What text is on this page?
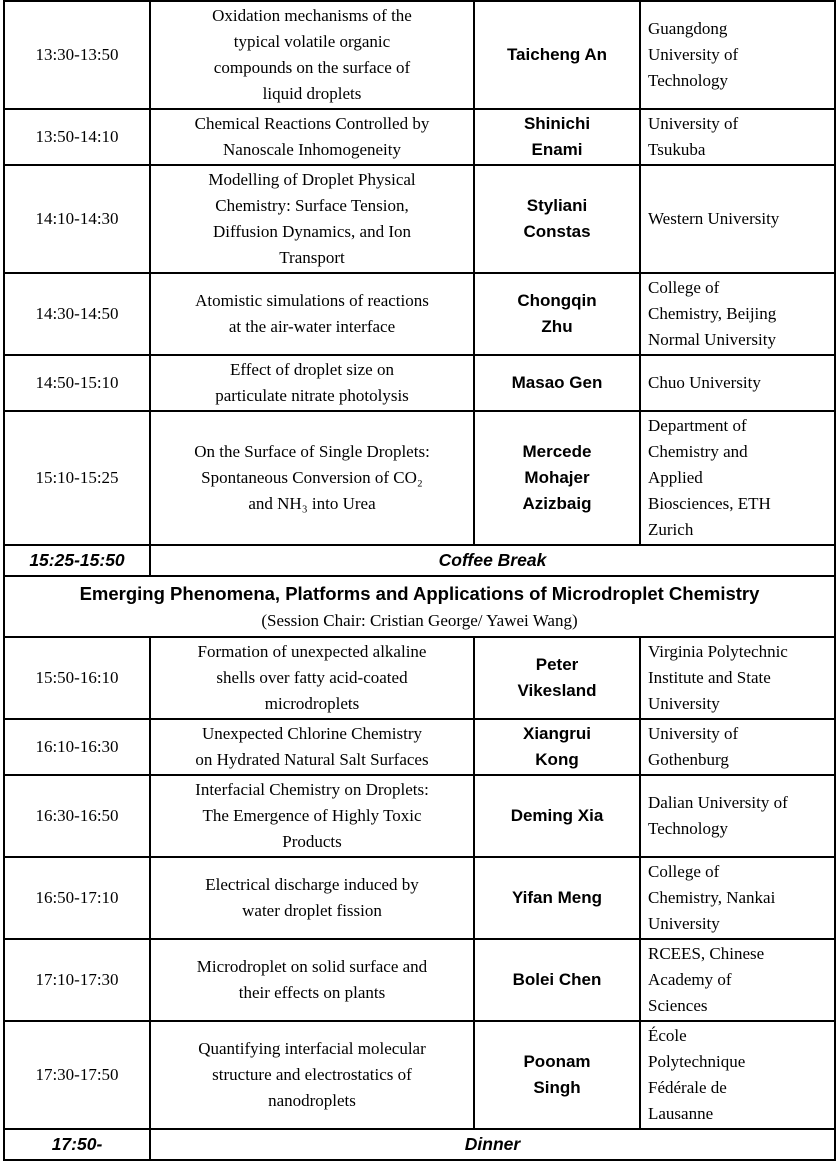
13:30-13:50	Oxidation mechanisms of the typical volatile organic compounds on the surface of liquid droplets	Taicheng An	Guangdong University of Technology

13:50-14:10	Chemical Reactions Controlled by Nanoscale Inhomogeneity	Shinichi Enami	University of Tsukuba

14:10-14:30	Modelling of Droplet Physical Chemistry: Surface Tension, Diffusion Dynamics, and Ion Transport	Styliani Constas	Western University

14:30-14:50	Atomistic simulations of reactions at the air-water interface	Chongqin Zhu	College of Chemistry, Beijing Normal University

14:50-15:10	Effect of droplet size on particulate nitrate photolysis	Masao Gen	Chuo University

15:10-15:25	On the Surface of Single Droplets: Spontaneous Conversion of CO₂ and NH₃ into Urea	Mercede Mohajer Azizbaig	Department of Chemistry and Applied Biosciences, ETH Zurich

15:25-15:50	Coffee Break		

Emerging Phenomena, Platforms and Applications of Microdroplet Chemistry
(Session Chair: Cristian George/ Yawei Wang)			

15:50-16:10	Formation of unexpected alkaline shells over fatty acid-coated microdroplets	Peter Vikesland	Virginia Polytechnic Institute and State University

16:10-16:30	Unexpected Chlorine Chemistry on Hydrated Natural Salt Surfaces	Xiangrui Kong	University of Gothenburg

16:30-16:50	Interfacial Chemistry on Droplets: The Emergence of Highly Toxic Products	Deming Xia	Dalian University of Technology

16:50-17:10	Electrical discharge induced by water droplet fission	Yifan Meng	College of Chemistry, Nankai University

17:10-17:30	Microdroplet on solid surface and their effects on plants	Bolei Chen	RCEES, Chinese Academy of Sciences

17:30-17:50	Quantifying interfacial molecular structure and electrostatics of nanodroplets	Poonam Singh	École Polytechnique Fédérale de Lausanne

17:50-	Dinner		
